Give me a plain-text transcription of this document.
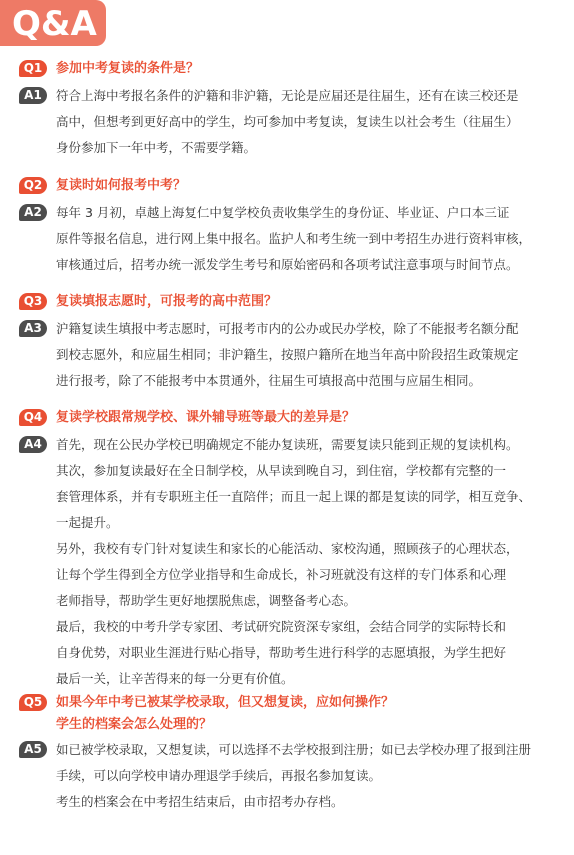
Q&A
Q1	参加中考复读的条件是？
A1	符合上海中考报名条件的沪籍和非沪籍，无论是应届还是往届生，还有在读三校还是
高中，但想考到更好高中的学生，均可参加中考复读，复读生以社会考生（往届生）
身份参加下一年中考，不需要学籍。
Q2	复读时如何报考中考？
A2	每年 3 月初，卓越上海复仁中复学校负责收集学生的身份证、毕业证、户口本三证
原件等报名信息，进行网上集中报名。监护人和考生统一到中考招生办进行资料审核，
审核通过后，招考办统一派发学生考号和原始密码和各项考试注意事项与时间节点。
Q3	复读填报志愿时，可报考的高中范围？
A3	沪籍复读生填报中考志愿时，可报考市内的公办或民办学校，除了不能报考名额分配
到校志愿外，和应届生相同；非沪籍生，按照户籍所在地当年高中阶段招生政策规定
进行报考，除了不能报考中本贯通外，往届生可填报高中范围与应届生相同。
Q4	复读学校跟常规学校、课外辅导班等最大的差异是？
A4	首先，现在公民办学校已明确规定不能办复读班，需要复读只能到正规的复读机构。
其次，参加复读最好在全日制学校，从早读到晚自习，到住宿，学校都有完整的一
套管理体系，并有专职班主任一直陪伴；而且一起上课的都是复读的同学，相互竞争、
一起提升。
另外，我校有专门针对复读生和家长的心能活动、家校沟通，照顾孩子的心理状态，
让每个学生得到全方位学业指导和生命成长，补习班就没有这样的专门体系和心理
老师指导，帮助学生更好地摆脱焦虑，调整备考心态。
最后，我校的中考升学专家团、考试研究院资深专家组，会结合同学的实际特长和
自身优势，对职业生涯进行贴心指导，帮助考生进行科学的志愿填报，为学生把好
最后一关，让辛苦得来的每一分更有价值。
Q5	如果今年中考已被某学校录取，但又想复读，应如何操作？
学生的档案会怎么处理的？
A5	如已被学校录取，又想复读，可以选择不去学校报到注册；如已去学校办理了报到注册
手续，可以向学校申请办理退学手续后，再报名参加复读。
考生的档案会在中考招生结束后，由市招考办存档。
